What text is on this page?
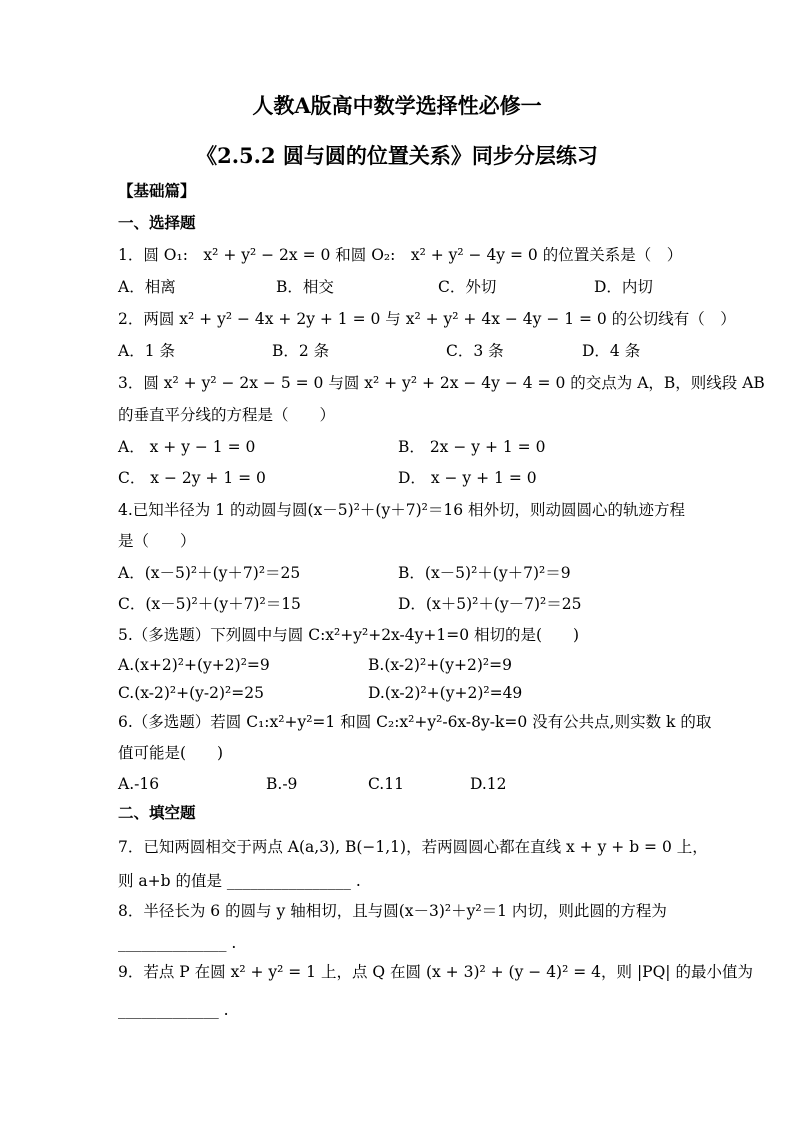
人教A版高中数学选择性必修一
《2.5.2 圆与圆的位置关系》同步分层练习
【基础篇】
一、选择题
1．圆 O₁:　x² + y² − 2x = 0 和圆 O₂:　x² + y² − 4y = 0 的位置关系是（　）
A．相离	B．相交	C．外切	D．内切
2．两圆 x² + y² − 4x + 2y + 1 = 0 与 x² + y² + 4x − 4y − 1 = 0 的公切线有（　）
A．1 条	B．2 条	C．3 条	D．4 条
3．圆 x² + y² − 2x − 5 = 0 与圆 x² + y² + 2x − 4y − 4 = 0 的交点为 A，B，则线段 AB
的垂直平分线的方程是（　　）
A． x + y − 1 = 0	B． 2x − y + 1 = 0
C． x − 2y + 1 = 0	D． x − y + 1 = 0
4.已知半径为 1 的动圆与圆(x－5)²＋(y＋7)²＝16 相外切，则动圆圆心的轨迹方程
是（　　）
A．(x－5)²＋(y＋7)²＝25	B．(x－5)²＋(y＋7)²＝9
C．(x－5)²＋(y＋7)²＝15	D．(x＋5)²＋(y－7)²＝25
5.（多选题）下列圆中与圆 C:x²+y²+2x-4y+1=0 相切的是(　　)
A.(x+2)²+(y+2)²=9	B.(x-2)²+(y+2)²=9
C.(x-2)²+(y-2)²=25	D.(x-2)²+(y+2)²=49
6.（多选题）若圆 C₁:x²+y²=1 和圆 C₂:x²+y²-6x-8y-k=0 没有公共点,则实数 k 的取
值可能是(　　)
A.-16	B.-9	C.11	D.12
二、填空题
7．已知两圆相交于两点 A(a,3), B(−1,1)，若两圆圆心都在直线 x + y + b = 0 上，
则 a+b 的值是 ________________ .
8．半径长为 6 的圆与 y 轴相切，且与圆(x－3)²＋y²＝1 内切，则此圆的方程为
______________ .
9．若点 P 在圆 x² + y² = 1 上，点 Q 在圆 (x + 3)² + (y − 4)² = 4，则 |PQ| 的最小值为
_____________ .
